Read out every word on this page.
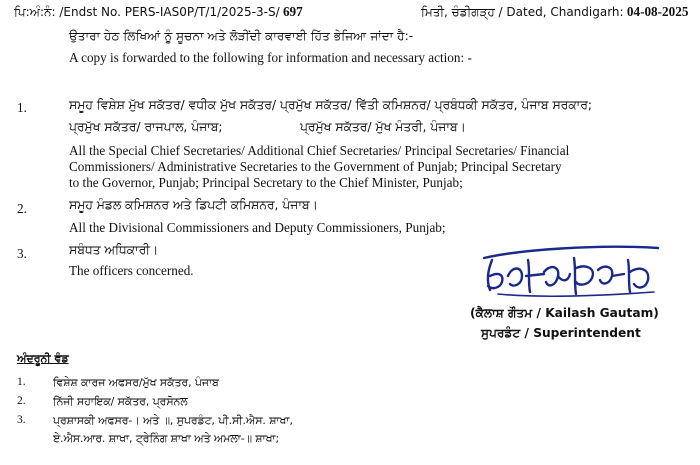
ਪਿ:ਅੰ:ਨੰ: /Endst No. PERS-IAS0P/T/1/2025-3-S/ 697	ਮਿਤੀ, ਚੰਡੀਗੜ੍ਹ / Dated, Chandigarh: 04-08-2025
ਉਤਾਰਾ ਹੇਠ ਲਿਖਿਆਂ ਨੂੰ ਸੂਚਨਾ ਅਤੇ ਲੋੜੀਂਦੀ ਕਾਰਵਾਈ ਹਿੱਤ ਭੇਜਿਆ ਜਾਂਦਾ ਹੈ:-
A copy is forwarded to the following for information and necessary action: -
1.	ਸਮੂਹ ਵਿਸ਼ੇਸ਼ ਮੁੱਖ ਸਕੱਤਰ/ ਵਧੀਕ ਮੁੱਖ ਸਕੱਤਰ/ ਪ੍ਰਮੁੱਖ ਸਕੱਤਰ/ ਵਿੱਤੀ ਕਮਿਸ਼ਨਰ/ ਪ੍ਰਬੰਧਕੀ ਸਕੱਤਰ, ਪੰਜਾਬ ਸਰਕਾਰ;
ਪ੍ਰਮੁੱਖ ਸਕੱਤਰ/ ਰਾਜਪਾਲ, ਪੰਜਾਬ;	ਪ੍ਰਮੁੱਖ ਸਕੱਤਰ/ ਮੁੱਖ ਮੰਤਰੀ, ਪੰਜਾਬ।
All the Special Chief Secretaries/ Additional Chief Secretaries/ Principal Secretaries/ Financial
Commissioners/ Administrative Secretaries to the Government of Punjab; Principal Secretary
to the Governor, Punjab; Principal Secretary to the Chief Minister, Punjab;
2.	ਸਮੂਹ ਮੰਡਲ ਕਮਿਸ਼ਨਰ ਅਤੇ ਡਿਪਟੀ ਕਮਿਸ਼ਨਰ, ਪੰਜਾਬ।
All the Divisional Commissioners and Deputy Commissioners, Punjab;
3.	ਸਬੰਧਤ ਅਧਿਕਾਰੀ।
The officers concerned.
(ਕੈਲਾਸ਼ ਗੌਤਮ / Kailash Gautam)
ਸੁਪਰਡੰਟ / Superintendent
ਅੰਦਰੂਨੀ ਵੰਡ
1.	ਵਿਸ਼ੇਸ਼ ਕਾਰਜ ਅਫਸਰ/ਮੁੱਖ ਸਕੱਤਰ, ਪੰਜਾਬ
2.	ਨਿੱਜੀ ਸਹਾਇਕ/ ਸਕੱਤਰ, ਪ੍ਰਸੋਨਲ
3.	ਪ੍ਰਸ਼ਾਸਕੀ ਅਫਸਰ-। ਅਤੇ ॥, ਸੁਪਰਡੰਟ, ਪੀ.ਸੀ.ਐਸ. ਸ਼ਾਖਾ,
ਏ.ਐਸ.ਆਰ. ਸ਼ਾਖਾ, ਟ੍ਰੇਨਿੰਗ ਸ਼ਾਖਾ ਅਤੇ ਅਮਲਾ-॥ ਸ਼ਾਖਾ;
